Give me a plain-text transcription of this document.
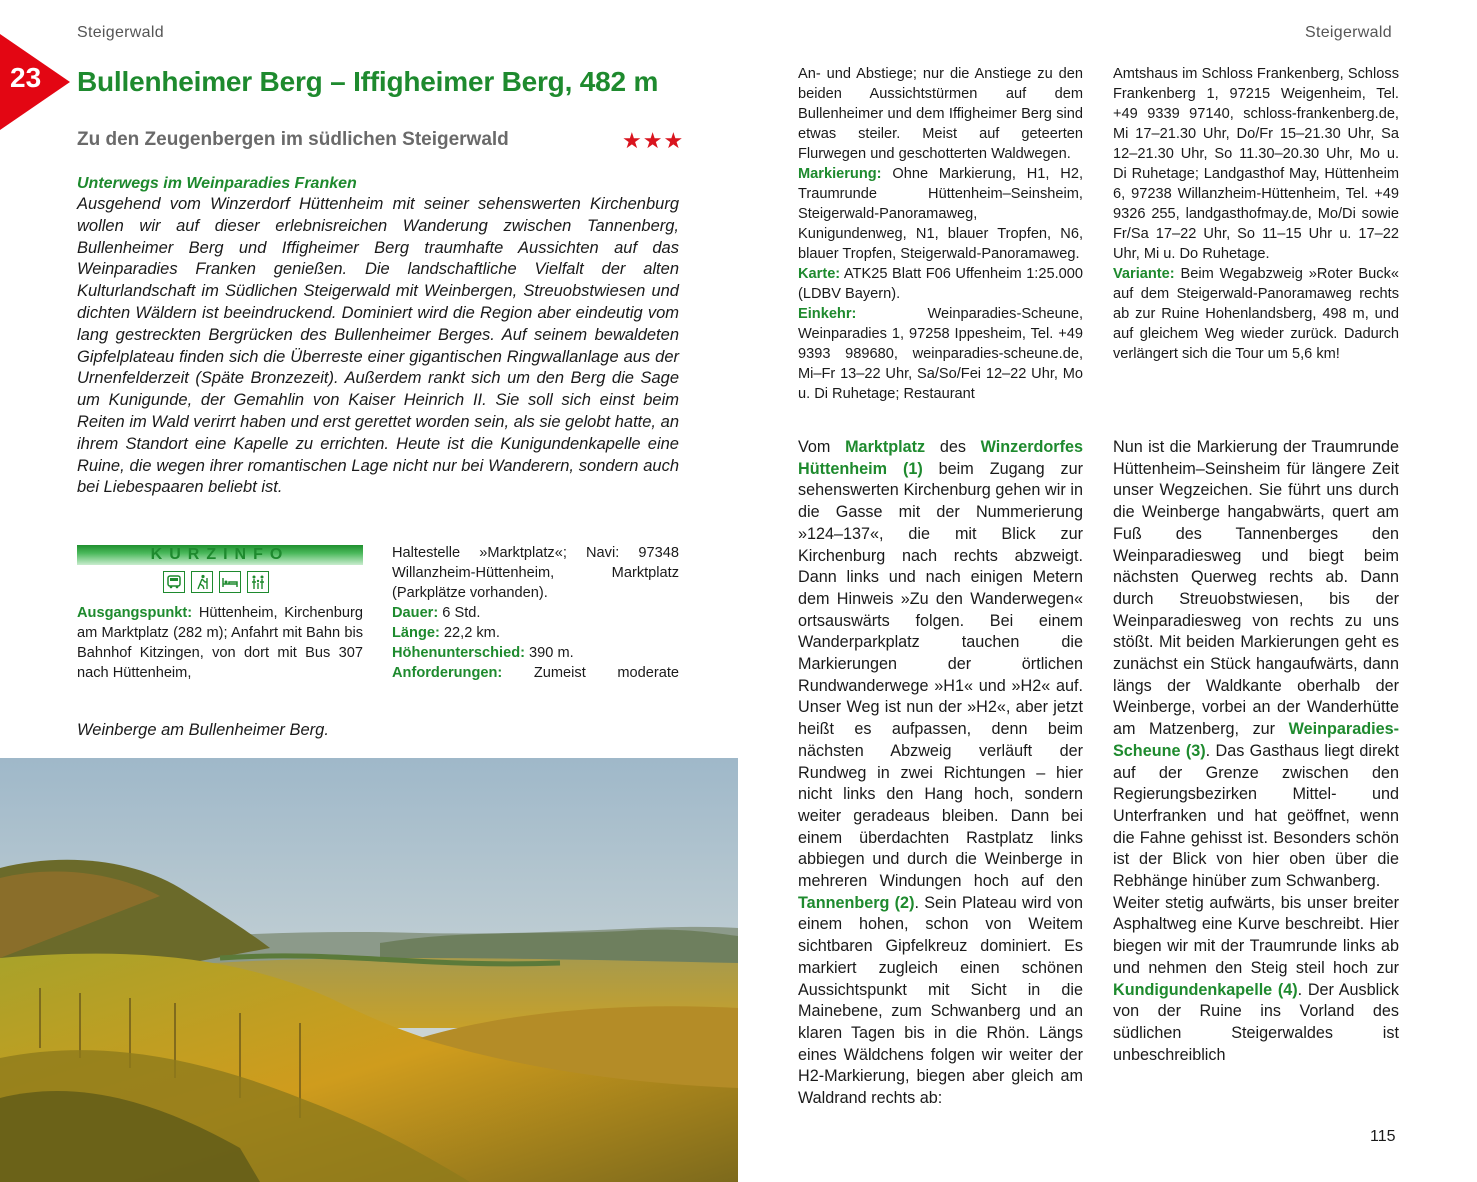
Steigerwald	Steigerwald
23 Bullenheimer Berg – Iffigheimer Berg, 482 m
Zu den Zeugenbergen im südlichen Steigerwald	★★★
Unterwegs im Weinparadies Franken
Ausgehend vom Winzerdorf Hüttenheim mit seiner sehenswerten Kirchenburg wollen wir auf dieser erlebnisreichen Wanderung zwischen Tannenberg, Bullenheimer Berg und Iffigheimer Berg traumhafte Aussichten auf das Weinparadies Franken genießen. Die landschaftliche Vielfalt der alten Kulturlandschaft im Südlichen Steigerwald mit Weinbergen, Streuobstwiesen und dichten Wäldern ist beeindruckend. Dominiert wird die Region aber eindeutig vom lang gestreckten Bergrücken des Bullenheimer Berges. Auf seinem bewaldeten Gipfelplateau finden sich die Überreste einer gigantischen Ringwallanlage aus der Urnenfelderzeit (Späte Bronzezeit). Außerdem rankt sich um den Berg die Sage um Kunigunde, der Gemahlin von Kaiser Heinrich II. Sie soll sich einst beim Reiten im Wald verirrt haben und erst gerettet worden sein, als sie gelobt hatte, an ihrem Standort eine Kapelle zu errichten. Heute ist die Kunigundenkapelle eine Ruine, die wegen ihrer romantischen Lage nicht nur bei Wanderern, sondern auch bei Liebespaaren beliebt ist.
KURZINFO
Ausgangspunkt: Hüttenheim, Kirchenburg am Marktplatz (282 m); Anfahrt mit Bahn bis Bahnhof Kitzingen, von dort mit Bus 307 nach Hüttenheim,
Haltestelle »Marktplatz«; Navi: 97348 Willanzheim-Hüttenheim, Marktplatz (Parkplätze vorhanden).
Dauer: 6 Std.
Länge: 22,2 km.
Höhenunterschied: 390 m.
Anforderungen: Zumeist moderate
Weinberge am Bullenheimer Berg.
An- und Abstiege; nur die Anstiege zu den beiden Aussichtstürmen auf dem Bullenheimer und dem Iffigheimer Berg sind etwas steiler. Meist auf geteerten Flurwegen und geschotterten Waldwegen.
Markierung: Ohne Markierung, H1, H2, Traumrunde Hüttenheim–Seinsheim, Steigerwald-Panoramaweg, Kunigundenweg, N1, blauer Tropfen, N6, blauer Tropfen, Steigerwald-Panoramaweg.
Karte: ATK25 Blatt F06 Uffenheim 1:25.000 (LDBV Bayern).
Einkehr:	Weinparadies-Scheune, Weinparadies 1, 97258 Ippesheim, Tel. +49 9393 989680, weinparadies-scheune.de, Mi–Fr 13–22 Uhr, Sa/So/Fei 12–22 Uhr, Mo u. Di Ruhetage; Restaurant
Amtshaus im Schloss Frankenberg, Schloss Frankenberg 1, 97215 Weigenheim, Tel. +49 9339 97140, schloss-frankenberg.de, Mi 17–21.30 Uhr, Do/Fr 15–21.30 Uhr, Sa 12–21.30 Uhr, So 11.30–20.30 Uhr, Mo u. Di Ruhetage; Landgasthof May, Hüttenheim 6, 97238 Willanzheim-Hüttenheim, Tel. +49 9326 255, landgasthofmay.de, Mo/Di sowie Fr/Sa 17–22 Uhr, So 11–15 Uhr u. 17–22 Uhr, Mi u. Do Ruhetage.
Variante: Beim Wegabzweig »Roter Buck« auf dem Steigerwald-Panoramaweg rechts ab zur Ruine Hohenlandsberg, 498 m, und auf gleichem Weg wieder zurück. Dadurch verlängert sich die Tour um 5,6 km!
Vom Marktplatz des Winzerdorfes Hüttenheim (1) beim Zugang zur sehenswerten Kirchenburg gehen wir in die Gasse mit der Nummerierung »124–137«, die mit Blick zur Kirchenburg nach rechts abzweigt. Dann links und nach einigen Metern dem Hinweis »Zu den Wanderwegen« ortsauswärts folgen. Bei einem Wanderparkplatz tauchen die Markierungen der örtlichen Rundwanderwege »H1« und »H2« auf. Unser Weg ist nun der »H2«, aber jetzt heißt es aufpassen, denn beim nächsten Abzweig verläuft der Rundweg in zwei Richtungen – hier nicht links den Hang hoch, sondern weiter geradeaus bleiben. Dann bei einem überdachten Rastplatz links abbiegen und durch die Weinberge in mehreren Windungen hoch auf den Tannenberg (2). Sein Plateau wird von einem hohen, schon von Weitem sichtbaren Gipfelkreuz dominiert. Es markiert zugleich einen schönen Aussichtspunkt mit Sicht in die Mainebene, zum Schwanberg und an klaren Tagen bis in die Rhön. Längs eines Wäldchens folgen wir weiter der H2-Markierung, biegen aber gleich am Waldrand rechts ab:
Nun ist die Markierung der Traumrunde Hüttenheim–Seinsheim für längere Zeit unser Wegzeichen. Sie führt uns durch die Weinberge hangabwärts, quert am Fuß des Tannenberges den Weinparadiesweg und biegt beim nächsten Querweg rechts ab. Dann durch Streuobstwiesen, bis der Weinparadiesweg von rechts zu uns stößt. Mit beiden Markierungen geht es zunächst ein Stück hangaufwärts, dann längs der Waldkante oberhalb der Weinberge, vorbei an der Wanderhütte am Matzenberg, zur Weinparadies-Scheune (3). Das Gasthaus liegt direkt auf der Grenze zwischen den Regierungsbezirken Mittel- und Unterfranken und hat geöffnet, wenn die Fahne gehisst ist. Besonders schön ist der Blick von hier oben über die Rebhänge hinüber zum Schwanberg.
Weiter stetig aufwärts, bis unser breiter Asphaltweg eine Kurve beschreibt. Hier biegen wir mit der Traumrunde links ab und nehmen den Steig steil hoch zur Kundigundenkapelle (4). Der Ausblick von der Ruine ins Vorland des südlichen Steigerwaldes ist unbeschreiblich
115
